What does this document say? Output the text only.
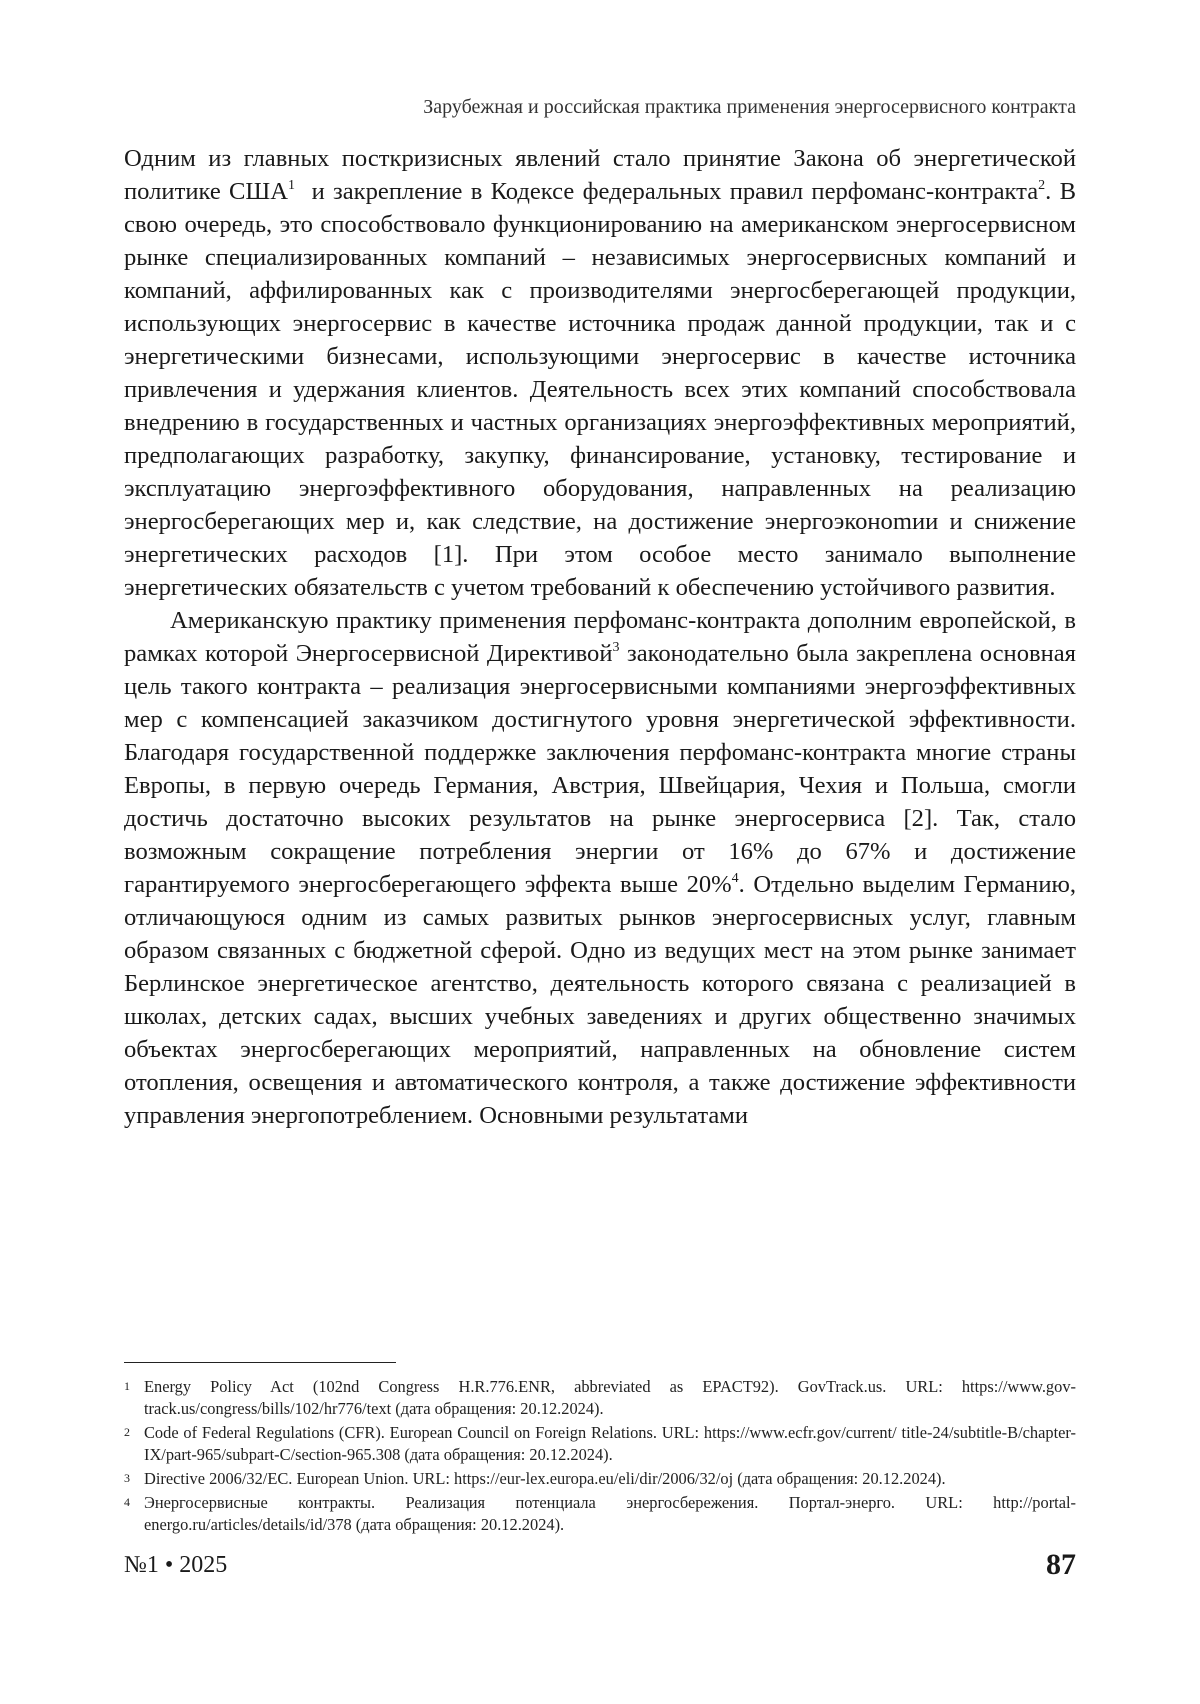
Зарубежная и российская практика применения энергосервисного контракта

Одним из главных посткризисных явлений стало принятие Закона об энергетической политике США$^1$  и закрепление в Кодексе федеральных правил перфоманс-контракта$^2$. В свою очередь, это способствовало функционированию на американском энергосервисном рынке специализированных компаний – независимых энергосервисных компаний и компаний, аффилированных как с производителями энергосберегающей продукции, использующих энергосервис в качестве источника продаж данной продукции, так и с энергетическими бизнесами, использующими энергосервис в качестве источника привлечения и удержания клиентов. Деятельность всех этих компаний способствовала внедрению в государственных и частных организациях энергоэффективных мероприятий, предполагающих разработку, закупку, финансирование, установку, тестирование и эксплуатацию энергоэффективного оборудования, направленных на реализацию энергосберегающих мер и, как следствие, на достижение энергоэконоmии и снижение энергетических расходов [1]. При этом особое место занимало выполнение энергетических обязательств с учетом требований к обеспечению устойчивого развития.

Американскую практику применения перфоманс-контракта дополним европейской, в рамках которой Энергосервисной Директивой$^3$ законодательно была закреплена основная цель такого контракта – реализация энергосервисными компаниями энергоэффективных мер с компенсацией заказчиком достигнутого уровня энергетической эффективности. Благодаря государственной поддержке заключения перфоманс-контракта многие страны Европы, в первую очередь Германия, Австрия, Швейцария, Чехия и Польша, смогли достичь достаточно высоких результатов на рынке энергосервиса [2]. Так, стало возможным сокращение потребления энергии от 16% до 67% и достижение гарантируемого энергосберегающего эффекта выше 20%$^4$. Отдельно выделим Германию, отличающуюся одним из самых развитых рынков энергосервисных услуг, главным образом связанных с бюджетной сферой. Одно из ведущих мест на этом рынке занимает Берлинское энергетическое агентство, деятельность которого связана с реализацией в школах, детских садах, высших учебных заведениях и других общественно значимых объектах энергосберегающих мероприятий, направленных на обновление систем отопления, освещения и автоматического контроля, а также достижение эффективности управления энергопотреблением. Основными результатами

1 Energy Policy Act (102nd Congress H.R.776.ENR, abbreviated as EPACT92). GovTrack.us. URL: https://www.govtrack.us/congress/bills/102/hr776/text (дата обращения: 20.12.2024).
2 Code of Federal Regulations (CFR). European Council on Foreign Relations. URL: https://www.ecfr.gov/current/ title-24/subtitle-B/chapter-IX/part-965/subpart-C/section-965.308 (дата обращения: 20.12.2024).
3 Directive 2006/32/EC. European Union. URL: https://eur-lex.europa.eu/eli/dir/2006/32/oj (дата обращения: 20.12.2024).
4 Энергосервисные контракты. Реализация потенциала энергосбережения. Портал-энерго. URL: http://portal-energo.ru/articles/details/id/378 (дата обращения: 20.12.2024).
№1 • 2025	87
